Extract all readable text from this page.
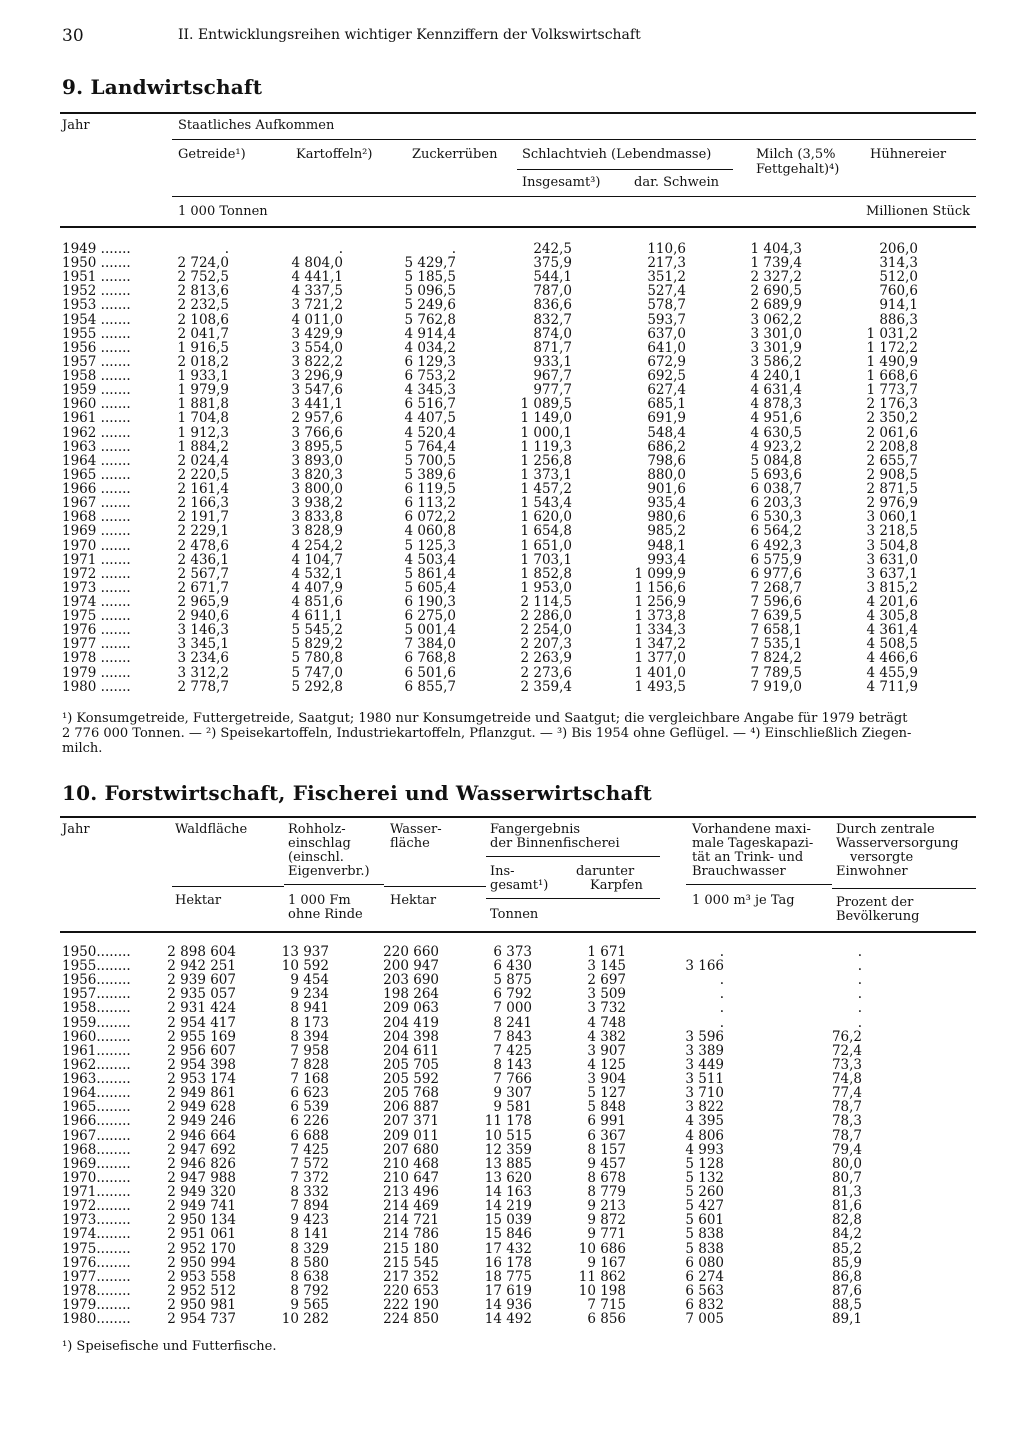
30	II. Entwicklungsreihen wichtiger Kennziffern der Volkswirtschaft
9. Landwirtschaft
Jahr	Staatliches Aufkommen
Getreide¹)	Kartoffeln²)	Zuckerrüben Schlachtvieh (Lebendmasse)	Milch (3,5%
Fettgehalt)⁴)
Hühnereier
Insgesamt³)	dar. Schwein
1 000 Tonnen	Millionen Stück
1949 .......	.	.	.	242,5	110,6	1 404,3	206,0
1950 .......	2 724,0	4 804,0	5 429,7	375,9	217,3	1 739,4	314,3
1951 .......	2 752,5	4 441,1	5 185,5	544,1	351,2	2 327,2	512,0
1952 .......	2 813,6	4 337,5	5 096,5	787,0	527,4	2 690,5	760,6
1953 .......	2 232,5	3 721,2	5 249,6	836,6	578,7	2 689,9	914,1
1954 .......	2 108,6	4 011,0	5 762,8	832,7	593,7	3 062,2	886,3
1955 .......	2 041,7	3 429,9	4 914,4	874,0	637,0	3 301,0	1 031,2
1956 .......	1 916,5	3 554,0	4 034,2	871,7	641,0	3 301,9	1 172,2
1957 .......	2 018,2	3 822,2	6 129,3	933,1	672,9	3 586,2	1 490,9
1958 .......	1 933,1	3 296,9	6 753,2	967,7	692,5	4 240,1	1 668,6
1959 .......	1 979,9	3 547,6	4 345,3	977,7	627,4	4 631,4	1 773,7
1960 .......	1 881,8	3 441,1	6 516,7	1 089,5	685,1	4 878,3	2 176,3
1961 .......	1 704,8	2 957,6	4 407,5	1 149,0	691,9	4 951,6	2 350,2
1962 .......	1 912,3	3 766,6	4 520,4	1 000,1	548,4	4 630,5	2 061,6
1963 .......	1 884,2	3 895,5	5 764,4	1 119,3	686,2	4 923,2	2 208,8
1964 .......	2 024,4	3 893,0	5 700,5	1 256,8	798,6	5 084,8	2 655,7
1965 .......	2 220,5	3 820,3	5 389,6	1 373,1	880,0	5 693,6	2 908,5
1966 .......	2 161,4	3 800,0	6 119,5	1 457,2	901,6	6 038,7	2 871,5
1967 .......	2 166,3	3 938,2	6 113,2	1 543,4	935,4	6 203,3	2 976,9
1968 .......	2 191,7	3 833,8	6 072,2	1 620,0	980,6	6 530,3	3 060,1
1969 .......	2 229,1	3 828,9	4 060,8	1 654,8	985,2	6 564,2	3 218,5
1970 .......	2 478,6	4 254,2	5 125,3	1 651,0	948,1	6 492,3	3 504,8
1971 .......	2 436,1	4 104,7	4 503,4	1 703,1	993,4	6 575,9	3 631,0
1972 .......	2 567,7	4 532,1	5 861,4	1 852,8	1 099,9	6 977,6	3 637,1
1973 .......	2 671,7	4 407,9	5 605,4	1 953,0	1 156,6	7 268,7	3 815,2
1974 .......	2 965,9	4 851,6	6 190,3	2 114,5	1 256,9	7 596,6	4 201,6
1975 .......	2 940,6	4 611,1	6 275,0	2 286,0	1 373,8	7 639,5	4 305,8
1976 .......	3 146,3	5 545,2	5 001,4	2 254,0	1 334,3	7 658,1	4 361,4
1977 .......	3 345,1	5 829,2	7 384,0	2 207,3	1 347,2	7 535,1	4 508,5
1978 .......	3 234,6	5 780,8	6 768,8	2 263,9	1 377,0	7 824,2	4 466,6
1979 .......	3 312,2	5 747,0	6 501,6	2 273,6	1 401,0	7 789,5	4 455,9
1980 .......	2 778,7	5 292,8	6 855,7	2 359,4	1 493,5	7 919,0	4 711,9
¹) Konsumgetreide, Futtergetreide, Saatgut; 1980 nur Konsumgetreide und Saatgut; die vergleichbare Angabe für 1979 beträgt
2 776 000 Tonnen. — ²) Speisekartoffeln, Industriekartoffeln, Pflanzgut. — ³) Bis 1954 ohne Geflügel. — ⁴) Einschließlich Ziegen-
milch.
10. Forstwirtschaft, Fischerei und Wasserwirtschaft
Jahr	Waldfläche	Rohholz-
einschlag
(einschl.
Eigenverbr.)
Wasser-
fläche
Fangergebnis
der Binnenfischerei
Ins-
gesamt¹)
darunter
Karpfen
Vorhandene maxi-
male Tageskapazi-
tät an Trink- und
Brauchwasser
Durch zentrale
Wasserversorgung
versorgte
Einwohner
Hektar	1 000 Fm
ohne Rinde
Hektar
Tonnen
1 000 m³ je Tag	Prozent der
Bevölkerung
1950........	2 898 604	13 937	220 660	6 373	1 671	.	.
1955........	2 942 251	10 592	200 947	6 430	3 145	3 166	.
1956........	2 939 607	9 454	203 690	5 875	2 697	.	.
1957........	2 935 057	9 234	198 264	6 792	3 509	.	.
1958........	2 931 424	8 941	209 063	7 000	3 732	.	.
1959........	2 954 417	8 173	204 419	8 241	4 748	.	.
1960........	2 955 169	8 394	204 398	7 843	4 382	3 596	76,2
1961........	2 956 607	7 958	204 611	7 425	3 907	3 389	72,4
1962........	2 954 398	7 828	205 705	8 143	4 125	3 449	73,3
1963........	2 953 174	7 168	205 592	7 766	3 904	3 511	74,8
1964........	2 949 861	6 623	205 768	9 307	5 127	3 710	77,4
1965........	2 949 628	6 539	206 887	9 581	5 848	3 822	78,7
1966........	2 949 246	6 226	207 371	11 178	6 991	4 395	78,3
1967........	2 946 664	6 688	209 011	10 515	6 367	4 806	78,7
1968........	2 947 692	7 425	207 680	12 359	8 157	4 993	79,4
1969........	2 946 826	7 572	210 468	13 885	9 457	5 128	80,0
1970........	2 947 988	7 372	210 647	13 620	8 678	5 132	80,7
1971........	2 949 320	8 332	213 496	14 163	8 779	5 260	81,3
1972........	2 949 741	7 894	214 469	14 219	9 213	5 427	81,6
1973........	2 950 134	9 423	214 721	15 039	9 872	5 601	82,8
1974........	2 951 061	8 141	214 786	15 846	9 771	5 838	84,2
1975........	2 952 170	8 329	215 180	17 432	10 686	5 838	85,2
1976........	2 950 994	8 580	215 545	16 178	9 167	6 080	85,9
1977........	2 953 558	8 638	217 352	18 775	11 862	6 274	86,8
1978........	2 952 512	8 792	220 653	17 619	10 198	6 563	87,6
1979........	2 950 981	9 565	222 190	14 936	7 715	6 832	88,5
1980........	2 954 737	10 282	224 850	14 492	6 856	7 005	89,1
¹) Speisefische und Futterfische.
